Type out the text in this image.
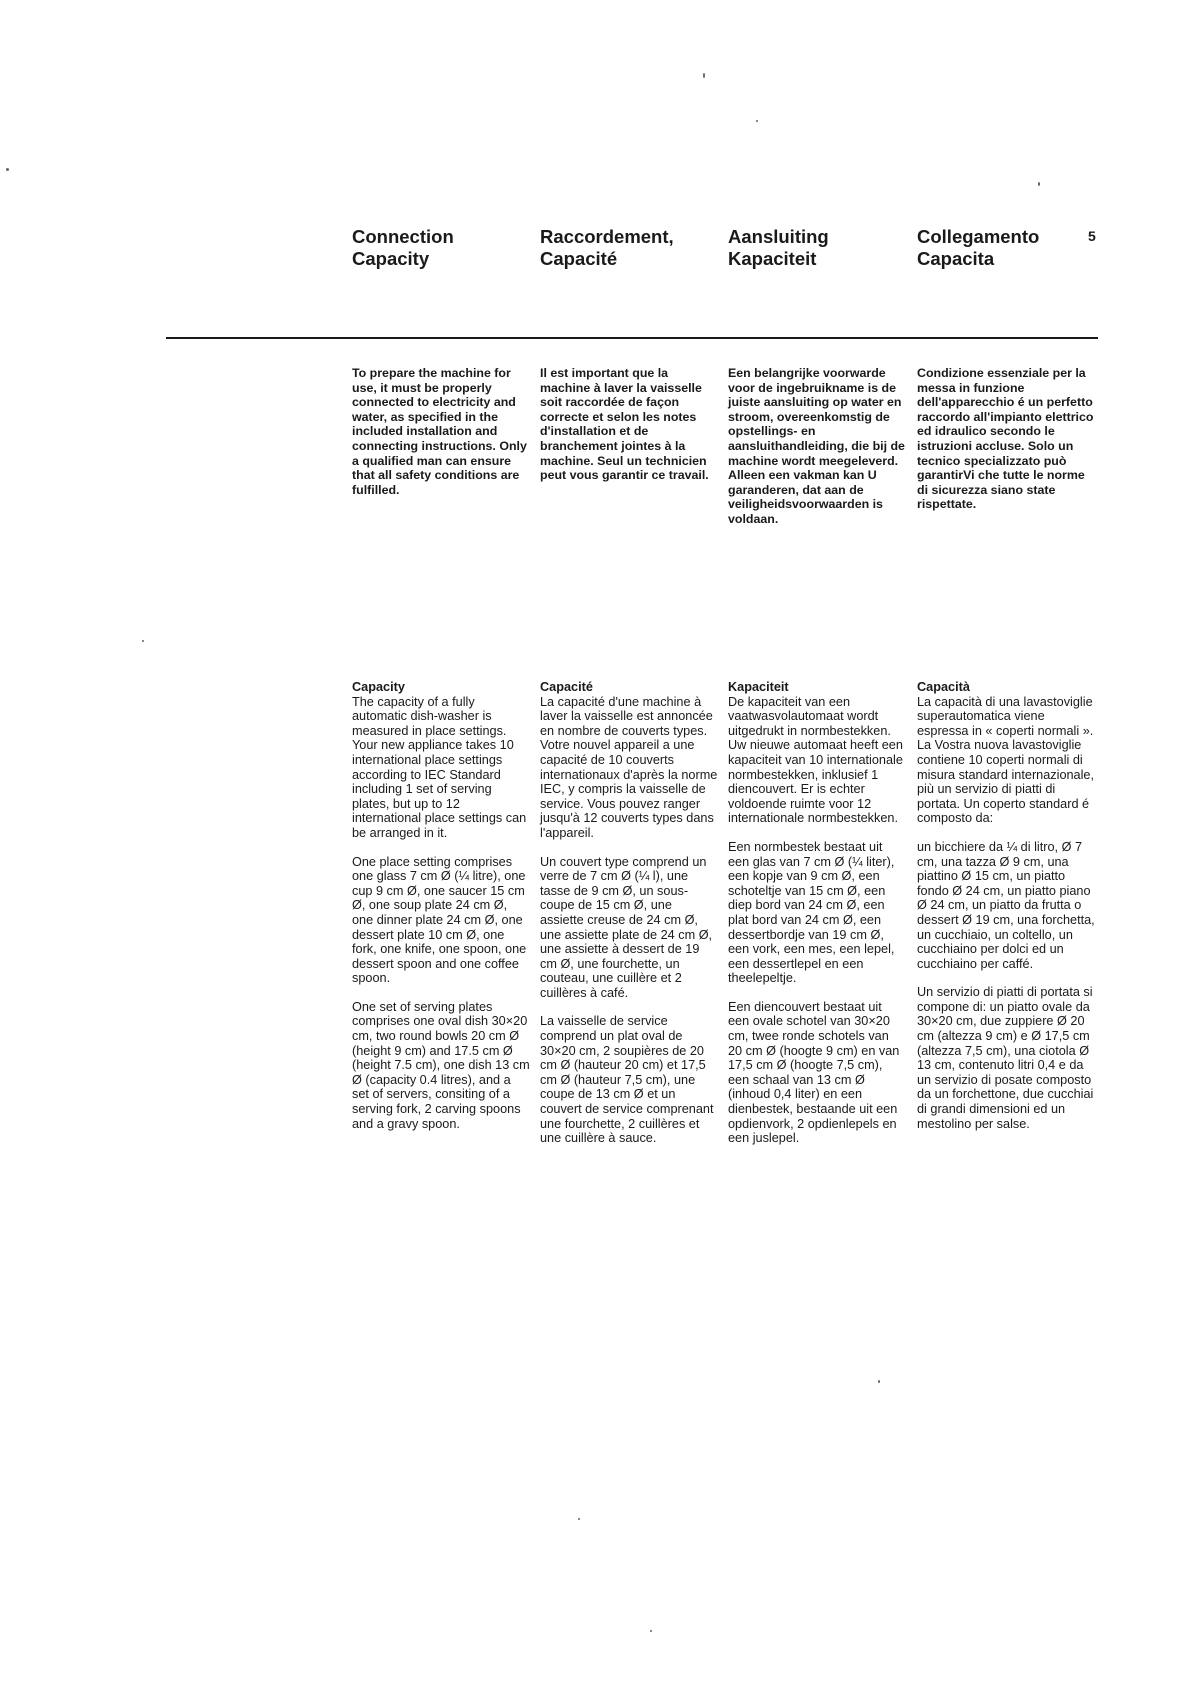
Connection
Capacity
Raccordement,
Capacité
Aansluiting
Kapaciteit
Collegamento
Capacita
5
To prepare the machine for use, it must be properly connected to electricity and water, as specified in the included installation and connecting instructions. Only a qualified man can ensure that all safety conditions are fulfilled.
Il est important que la machine à laver la vaisselle soit raccordée de façon correcte et selon les notes d'installation et de branchement jointes à la machine. Seul un technicien peut vous garantir ce travail.
Een belangrijke voorwarde voor de ingebruikname is de juiste aansluiting op water en stroom, overeenkomstig de opstellings- en aansluithandleiding, die bij de machine wordt meegeleverd. Alleen een vakman kan U garanderen, dat aan de veiligheidsvoorwaarden is voldaan.
Condizione essenziale per la messa in funzione dell'apparecchio é un perfetto raccordo all'impianto elettrico ed idraulico secondo le istruzioni accluse. Solo un tecnico specializzato può garantirVi che tutte le norme di sicurezza siano state rispettate.

Capacity
The capacity of a fully automatic dish-washer is measured in place settings. Your new appliance takes 10 international place settings according to IEC Standard including 1 set of serving plates, but up to 12 international place settings can be arranged in it.

One place setting comprises one glass 7 cm Ø (¼ litre), one cup 9 cm Ø, one saucer 15 cm Ø, one soup plate 24 cm Ø, one dinner plate 24 cm Ø, one dessert plate 10 cm Ø, one fork, one knife, one spoon, one dessert spoon and one coffee spoon.

One set of serving plates comprises one oval dish 30×20 cm, two round bowls 20 cm Ø (height 9 cm) and 17.5 cm Ø (height 7.5 cm), one dish 13 cm Ø (capacity 0.4 litres), and a set of servers, consiting of a serving fork, 2 carving spoons and a gravy spoon.

Capacité
La capacité d'une machine à laver la vaisselle est annoncée en nombre de couverts types. Votre nouvel appareil a une capacité de 10 couverts internationaux d'après la norme IEC, y compris la vaisselle de service. Vous pouvez ranger jusqu'à 12 couverts types dans l'appareil.

Un couvert type comprend un verre de 7 cm Ø (¼ l), une tasse de 9 cm Ø, un sous-coupe de 15 cm Ø, une assiette creuse de 24 cm Ø, une assiette plate de 24 cm Ø, une assiette à dessert de 19 cm Ø, une fourchette, un couteau, une cuillère et 2 cuillères à café.

La vaisselle de service comprend un plat oval de 30×20 cm, 2 soupières de 20 cm Ø (hauteur 20 cm) et 17,5 cm Ø (hauteur 7,5 cm), une coupe de 13 cm Ø et un couvert de service comprenant une fourchette, 2 cuillères et une cuillère à sauce.

Kapaciteit
De kapaciteit van een vaatwasvolautomaat wordt uitgedrukt in normbestekken. Uw nieuwe automaat heeft een kapaciteit van 10 internationale normbestekken, inklusief 1 diencouvert. Er is echter voldoende ruimte voor 12 internationale normbestekken.

Een normbestek bestaat uit een glas van 7 cm Ø (¼ liter), een kopje van 9 cm Ø, een schoteltje van 15 cm Ø, een diep bord van 24 cm Ø, een plat bord van 24 cm Ø, een dessertbordje van 19 cm Ø, een vork, een mes, een lepel, een dessertlepel en een theelepeltje.

Een diencouvert bestaat uit een ovale schotel van 30×20 cm, twee ronde schotels van 20 cm Ø (hoogte 9 cm) en van 17,5 cm Ø (hoogte 7,5 cm), een schaal van 13 cm Ø (inhoud 0,4 liter) en een dienbestek, bestaande uit een opdienvork, 2 opdienlepels en een juslepel.

Capacità
La capacità di una lavastoviglie superautomatica viene espressa in « coperti normali ». La Vostra nuova lavastoviglie contiene 10 coperti normali di misura standard internazionale, più un servizio di piatti di portata. Un coperto standard é composto da:

un bicchiere da ¼ di litro, Ø 7 cm, una tazza Ø 9 cm, una piattino Ø 15 cm, un piatto fondo Ø 24 cm, un piatto piano Ø 24 cm, un piatto da frutta o dessert Ø 19 cm, una forchetta, un cucchiaio, un coltello, un cucchiaino per dolci ed un cucchiaino per caffé.

Un servizio di piatti di portata si compone di: un piatto ovale da 30×20 cm, due zuppiere Ø 20 cm (altezza 9 cm) e Ø 17,5 cm (altezza 7,5 cm), una ciotola Ø 13 cm, contenuto litri 0,4 e da un servizio di posate composto da un forchettone, due cucchiai di grandi dimensioni ed un mestolino per salse.
